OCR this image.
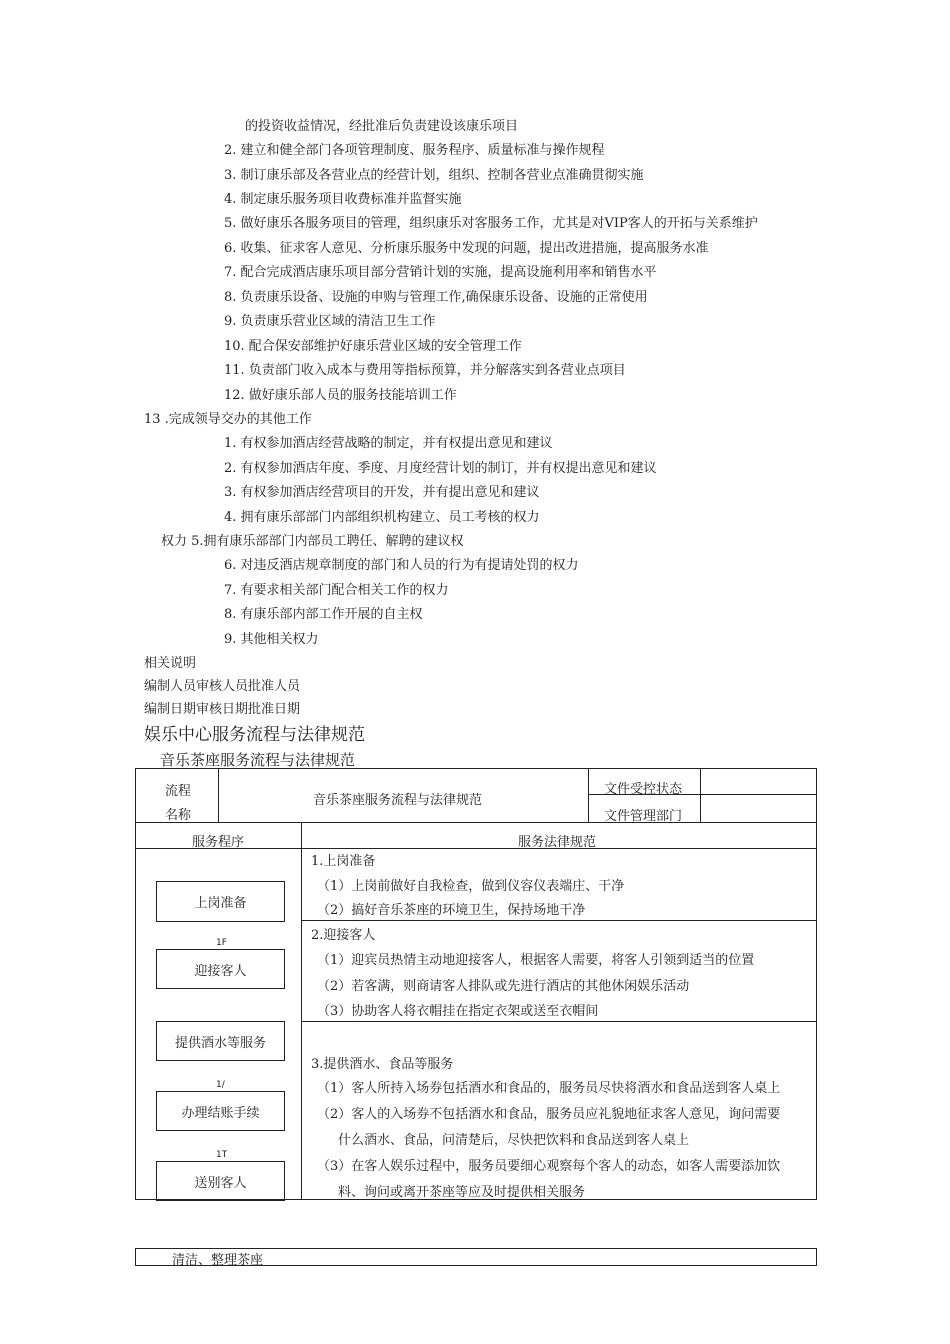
的投资收益情况，经批准后负责建设该康乐项目
2. 建立和健全部门各项管理制度、服务程序、质量标准与操作规程
3. 制订康乐部及各营业点的经营计划，组织、控制各营业点准确贯彻实施
4. 制定康乐服务项目收费标准并监督实施
5. 做好康乐各服务项目的管理，组织康乐对客服务工作，尤其是对VIP客人的开拓与关系维护
6. 收集、征求客人意见、分析康乐服务中发现的问题，提出改进措施，提高服务水准
7. 配合完成酒店康乐项目部分营销计划的实施，提高设施利用率和销售水平
8. 负责康乐设备、设施的申购与管理工作,确保康乐设备、设施的正常使用
9. 负责康乐营业区域的清洁卫生工作
10. 配合保安部维护好康乐营业区域的安全管理工作
11. 负责部门收入成本与费用等指标预算，并分解落实到各营业点项目
12. 做好康乐部人员的服务技能培训工作
13 .完成领导交办的其他工作
1. 有权参加酒店经营战略的制定，并有权提出意见和建议
2. 有权参加酒店年度、季度、月度经营计划的制订，并有权提出意见和建议
3. 有权参加酒店经营项目的开发，并有提出意见和建议
4. 拥有康乐部部门内部组织机构建立、员工考核的权力
权力 5.拥有康乐部部门内部员工聘任、解聘的建议权
6. 对违反酒店规章制度的部门和人员的行为有提请处罚的权力
7. 有要求相关部门配合相关工作的权力
8. 有康乐部内部工作开展的自主权
9. 其他相关权力
相关说明
编制人员审核人员批准人员
编制日期审核日期批准日期
娱乐中心服务流程与法律规范
音乐茶座服务流程与法律规范
流程
名称
音乐茶座服务流程与法律规范
文件受控状态
文件管理部门
服务程序	服务法律规范
上岗准备
迎接客人
提供酒水等服务
办理结账手续
送别客人
1F
1/
1T
1.上岗准备
（1）上岗前做好自我检查，做到仪容仪表端庄、干净
（2）搞好音乐茶座的环境卫生，保持场地干净
2.迎接客人
（1）迎宾员热情主动地迎接客人，根据客人需要，将客人引领到适当的位置
（2）若客满，则商请客人排队或先进行酒店的其他休闲娱乐活动
（3）协助客人将衣帽挂在指定衣架或送至衣帽间
3.提供酒水、食品等服务
（1）客人所持入场券包括酒水和食品的，服务员尽快将酒水和食品送到客人桌上
（2）客人的入场券不包括酒水和食品，服务员应礼貌地征求客人意见，询问需要
什么酒水、食品，问清楚后，尽快把饮料和食品送到客人桌上
（3）在客人娱乐过程中，服务员要细心观察每个客人的动态，如客人需要添加饮
料、询问或离开茶座等应及时提供相关服务
清洁、整理茶座
